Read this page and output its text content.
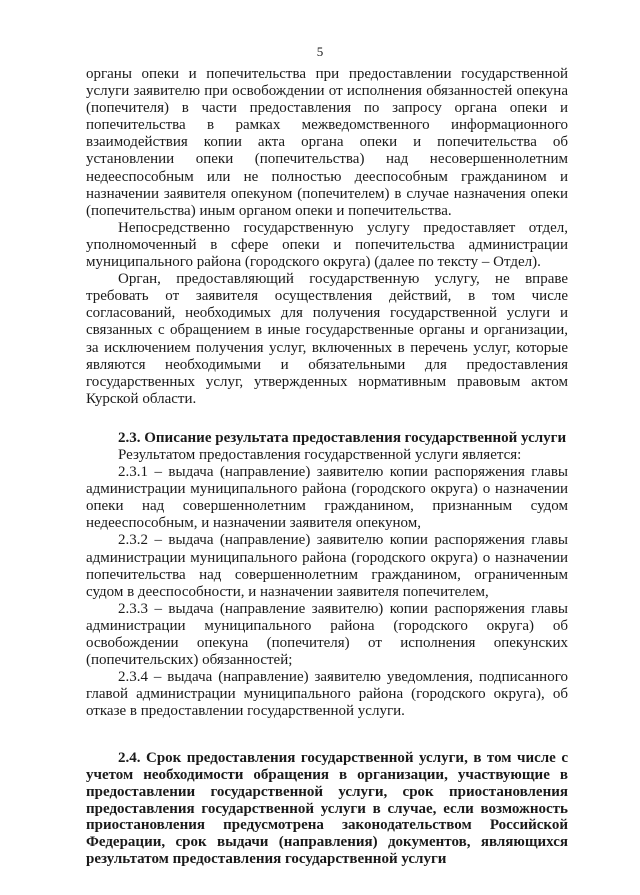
5

органы опеки и попечительства при предоставлении государственной услуги заявителю при освобождении от исполнения обязанностей опекуна (попечителя) в части предоставления по запросу органа опеки и попечительства в рамках межведомственного информационного взаимодействия копии акта органа опеки и попечительства об установлении опеки (попечительства) над несовершеннолетним недееспособным или не полностью дееспособным гражданином и назначении заявителя опекуном (попечителем) в случае назначения опеки (попечительства) иным органом опеки и попечительства.

Непосредственно государственную услугу предоставляет отдел, уполномоченный в сфере опеки и попечительства администрации муниципального района (городского округа) (далее по тексту – Отдел).

Орган, предоставляющий государственную услугу, не вправе требовать от заявителя осуществления действий, в том числе согласований, необходимых для получения государственной услуги и связанных с обращением в иные государственные органы и организации, за исключением получения услуг, включенных в перечень услуг, которые являются необходимыми и обязательными для предоставления государственных услуг, утвержденных нормативным правовым актом Курской области.

2.3. Описание результата предоставления государственной услуги

Результатом предоставления государственной услуги является:

2.3.1 – выдача (направление) заявителю копии распоряжения главы администрации муниципального района (городского округа) о назначении опеки над совершеннолетним гражданином, признанным судом недееспособным, и назначении заявителя опекуном,

2.3.2 – выдача (направление) заявителю копии распоряжения главы администрации муниципального района (городского округа) о назначении попечительства над совершеннолетним гражданином, ограниченным судом в дееспособности, и назначении заявителя попечителем,

2.3.3 – выдача (направление заявителю) копии распоряжения главы администрации муниципального района (городского округа) об освобождении опекуна (попечителя) от исполнения опекунских (попечительских) обязанностей;

2.3.4 – выдача (направление) заявителю уведомления, подписанного главой администрации муниципального района (городского округа), об отказе в предоставлении государственной услуги.

2.4. Срок предоставления государственной услуги, в том числе с учетом необходимости обращения в организации, участвующие в предоставлении государственной услуги, срок приостановления предоставления государственной услуги в случае, если возможность приостановления предусмотрена законодательством Российской Федерации, срок выдачи (направления) документов, являющихся результатом предоставления государственной услуги
